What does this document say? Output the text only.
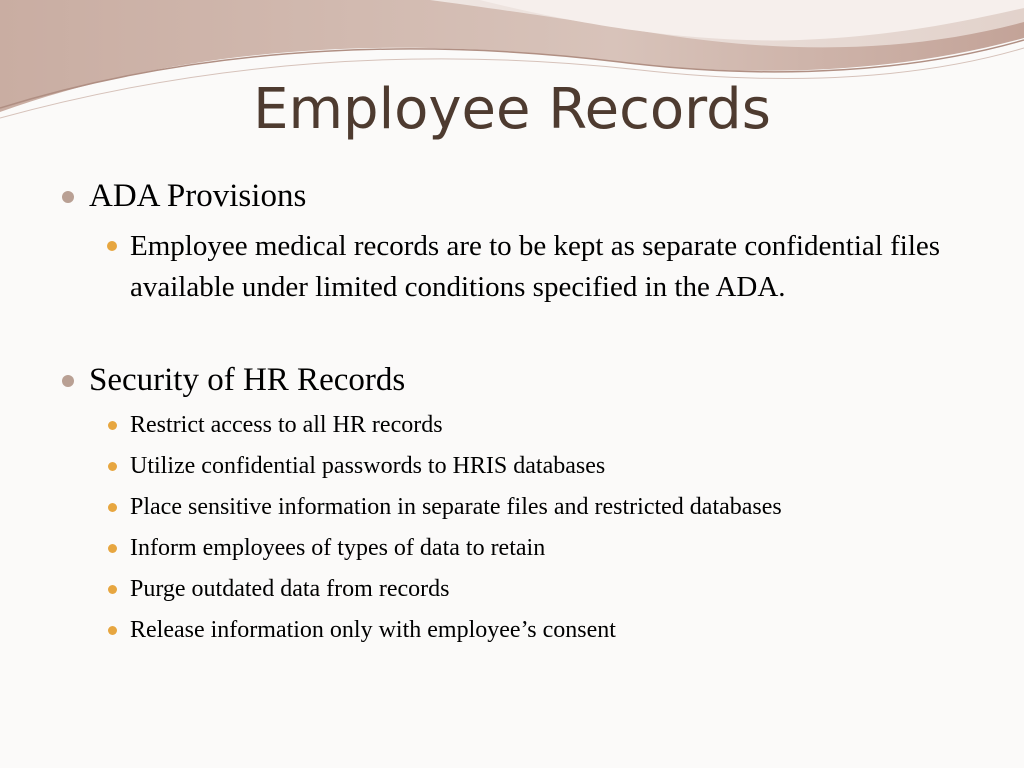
Employee Records
ADA Provisions
Employee medical records are to be kept as separate confidential files available under limited conditions specified in the ADA.
Security of HR Records
Restrict access to all HR records
Utilize confidential passwords to HRIS databases
Place sensitive information in separate files and restricted databases
Inform employees of types of data to retain
Purge outdated data from records
Release information only with employee’s consent
